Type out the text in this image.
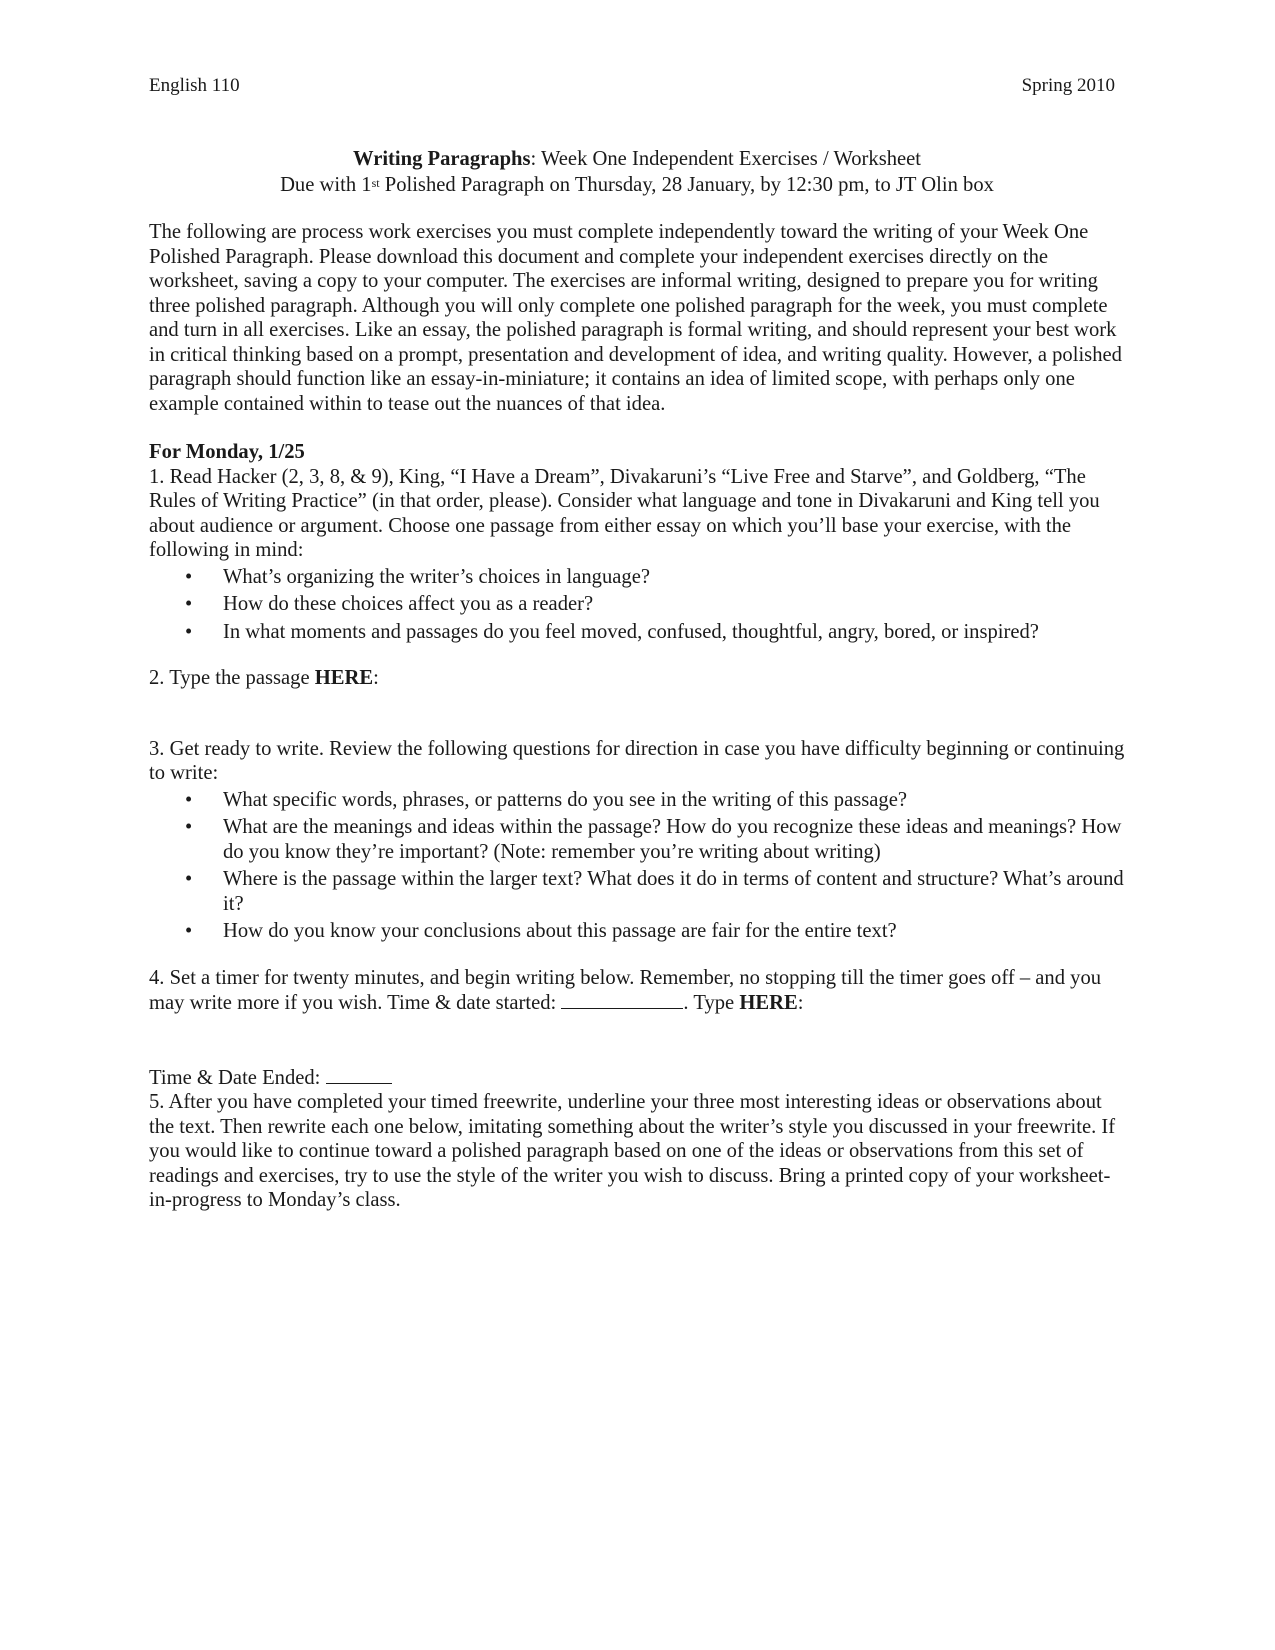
English 110	Spring 2010
Writing Paragraphs: Week One Independent Exercises / Worksheet
Due with 1st Polished Paragraph on Thursday, 28 January, by 12:30 pm, to JT Olin box

The following are process work exercises you must complete independently toward the writing of your Week One Polished Paragraph. Please download this document and complete your independent exercises directly on the worksheet, saving a copy to your computer. The exercises are informal writing, designed to prepare you for writing three polished paragraph. Although you will only complete one polished paragraph for the week, you must complete and turn in all exercises. Like an essay, the polished paragraph is formal writing, and should represent your best work in critical thinking based on a prompt, presentation and development of idea, and writing quality. However, a polished paragraph should function like an essay-in-miniature; it contains an idea of limited scope, with perhaps only one example contained within to tease out the nuances of that idea.

For Monday, 1/25

1. Read Hacker (2, 3, 8, & 9), King, “I Have a Dream”, Divakaruni’s “Live Free and Starve”, and Goldberg, “The Rules of Writing Practice” (in that order, please). Consider what language and tone in Divakaruni and King tell you about audience or argument. Choose one passage from either essay on which you’ll base your exercise, with the following in mind:

• What’s organizing the writer’s choices in language?
• How do these choices affect you as a reader?
• In what moments and passages do you feel moved, confused, thoughtful, angry, bored, or inspired?

2. Type the passage HERE:

3. Get ready to write. Review the following questions for direction in case you have difficulty beginning or continuing to write:

• What specific words, phrases, or patterns do you see in the writing of this passage?
• What are the meanings and ideas within the passage? How do you recognize these ideas and meanings? How do you know they’re important? (Note: remember you’re writing about writing)
• Where is the passage within the larger text? What does it do in terms of content and structure? What’s around it?
• How do you know your conclusions about this passage are fair for the entire text?

4. Set a timer for twenty minutes, and begin writing below. Remember, no stopping till the timer goes off – and you may write more if you wish. Time & date started:	. Type HERE:

Time & Date Ended:

5. After you have completed your timed freewrite, underline your three most interesting ideas or observations about the text. Then rewrite each one below, imitating something about the writer’s style you discussed in your freewrite. If you would like to continue toward a polished paragraph based on one of the ideas or observations from this set of readings and exercises, try to use the style of the writer you wish to discuss. Bring a printed copy of your worksheet-in-progress to Monday’s class.
